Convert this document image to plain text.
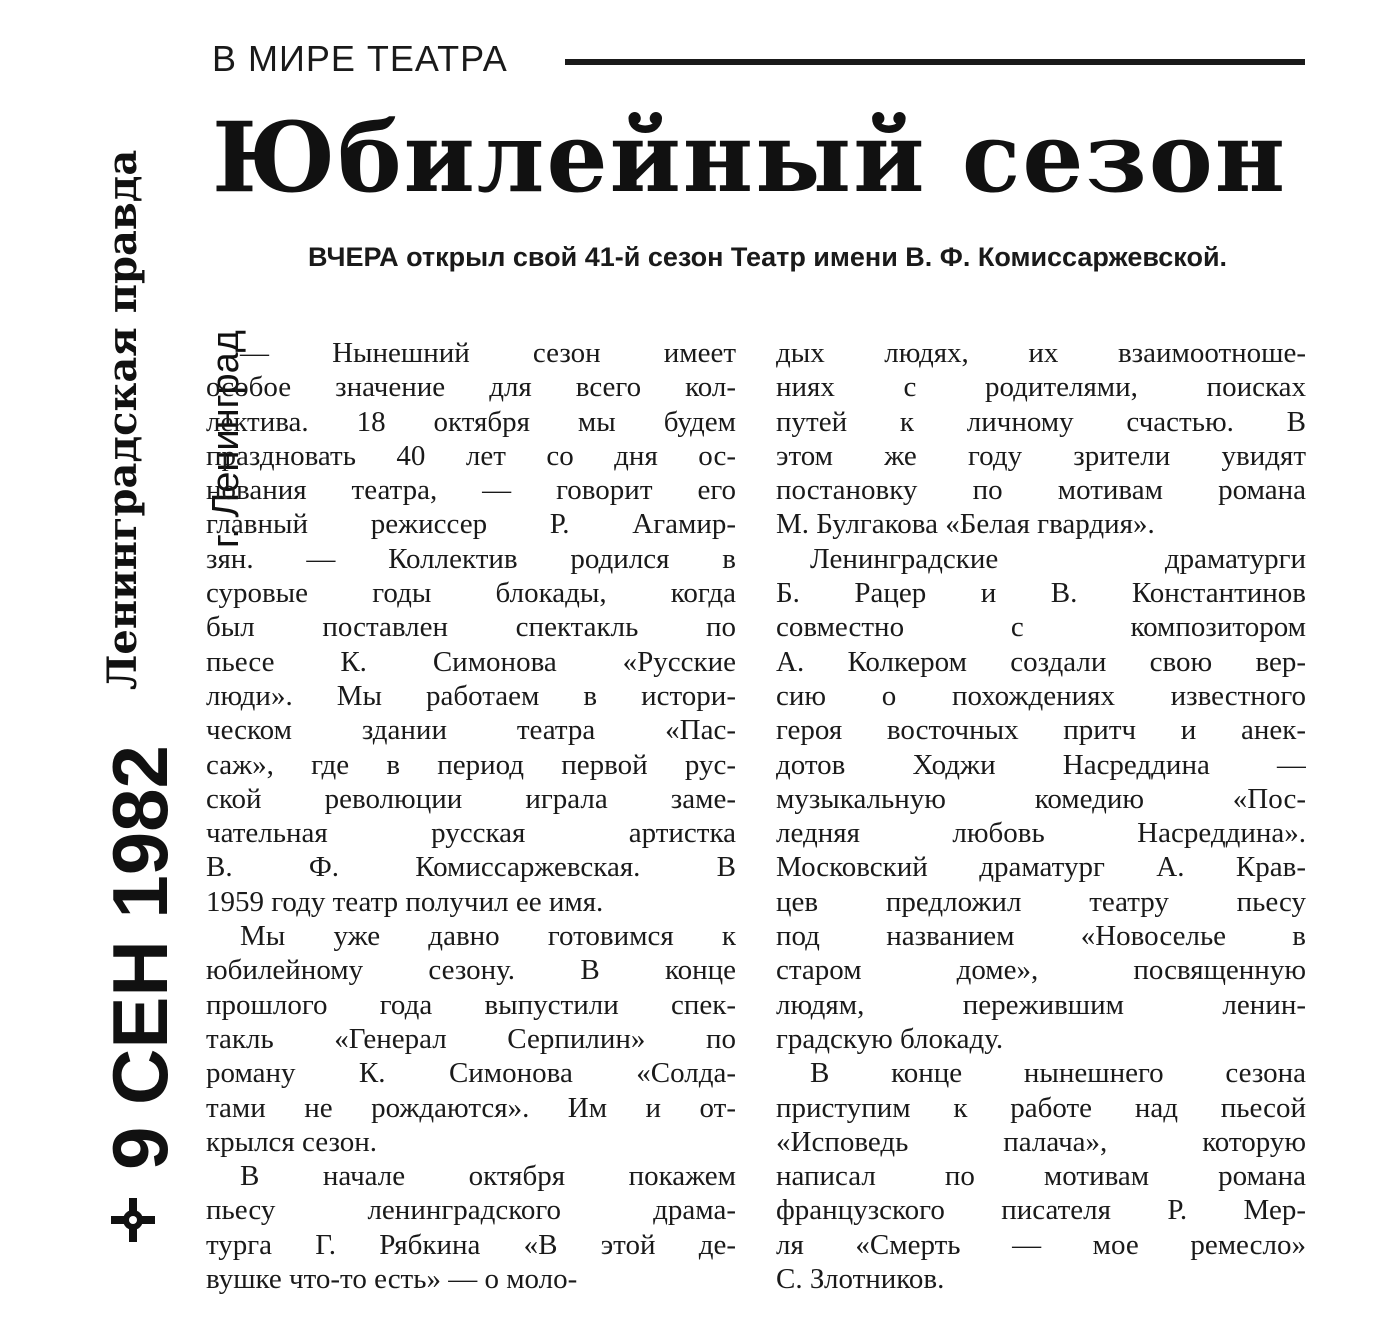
Ленинградская правда г. Ленинград
9 СЕН 1982
В МИРЕ ТЕАТРА
Юбилейный сезон
ВЧЕРА открыл свой 41-й сезон Театр имени В. Ф. Комиссаржевской.
— Нынешний сезон имеет
особое значение для всего кол-
лектива. 18 октября мы будем
праздновать 40 лет со дня ос-
нования театра, — говорит его
главный режиссер Р. Агамир-
зян. — Коллектив родился в
суровые годы блокады, когда
был поставлен спектакль по
пьесе К. Симонова «Русские
люди». Мы работаем в истори-
ческом здании театра «Пас-
саж», где в период первой рус-
ской революции играла заме-
чательная русская артистка
В. Ф. Комиссаржевская. В
1959 году театр получил ее имя.
Мы уже давно готовимся к
юбилейному сезону. В конце
прошлого года выпустили спек-
такль «Генерал Серпилин» по
роману К. Симонова «Солда-
тами не рождаются». Им и от-
крылся сезон.
В начале октября покажем
пьесу ленинградского драма-
турга Г. Рябкина «В этой де-
вушке что-то есть» — о моло-
дых людях, их взаимоотноше-
ниях с родителями, поисках
путей к личному счастью. В
этом же году зрители увидят
постановку по мотивам романа
М. Булгакова «Белая гвардия».
Ленинградские драматурги
Б. Рацер и В. Константинов
совместно с композитором
А. Колкером создали свою вер-
сию о похождениях известного
героя восточных притч и анек-
дотов Ходжи Насреддина —
музыкальную комедию «Пос-
ледняя любовь Насреддина».
Московский драматург А. Крав-
цев предложил театру пьесу
под названием «Новоселье в
старом доме», посвященную
людям, пережившим ленин-
градскую блокаду.
В конце нынешнего сезона
приступим к работе над пьесой
«Исповедь палача», которую
написал по мотивам романа
французского писателя Р. Мер-
ля «Смерть — мое ремесло»
С. Злотников.
